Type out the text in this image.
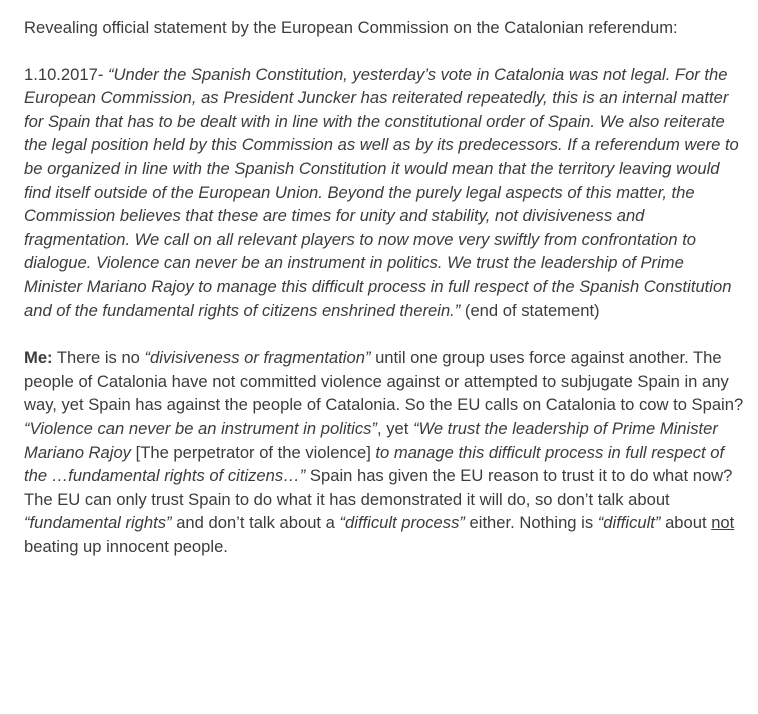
Revealing official statement by the European Commission on the Catalonian referendum:

1.10.2017- “Under the Spanish Constitution, yesterday’s vote in Catalonia was not legal. For the European Commission, as President Juncker has reiterated repeatedly, this is an internal matter for Spain that has to be dealt with in line with the constitutional order of Spain. We also reiterate the legal position held by this Commission as well as by its predecessors. If a referendum were to be organized in line with the Spanish Constitution it would mean that the territory leaving would find itself outside of the European Union. Beyond the purely legal aspects of this matter, the Commission believes that these are times for unity and stability, not divisiveness and fragmentation. We call on all relevant players to now move very swiftly from confrontation to dialogue. Violence can never be an instrument in politics. We trust the leadership of Prime Minister Mariano Rajoy to manage this difficult process in full respect of the Spanish Constitution and of the fundamental rights of citizens enshrined therein.” (end of statement)

Me: There is no “divisiveness or fragmentation” until one group uses force against another. The people of Catalonia have not committed violence against or attempted to subjugate Spain in any way, yet Spain has against the people of Catalonia. So the EU calls on Catalonia to cow to Spain? “Violence can never be an instrument in politics”, yet “We trust the leadership of Prime Minister Mariano Rajoy [The perpetrator of the violence] to manage this difficult process in full respect of the …fundamental rights of citizens…” Spain has given the EU reason to trust it to do what now? The EU can only trust Spain to do what it has demonstrated it will do, so don’t talk about “fundamental rights” and don’t talk about a “difficult process” either. Nothing is “difficult” about not beating up innocent people.
